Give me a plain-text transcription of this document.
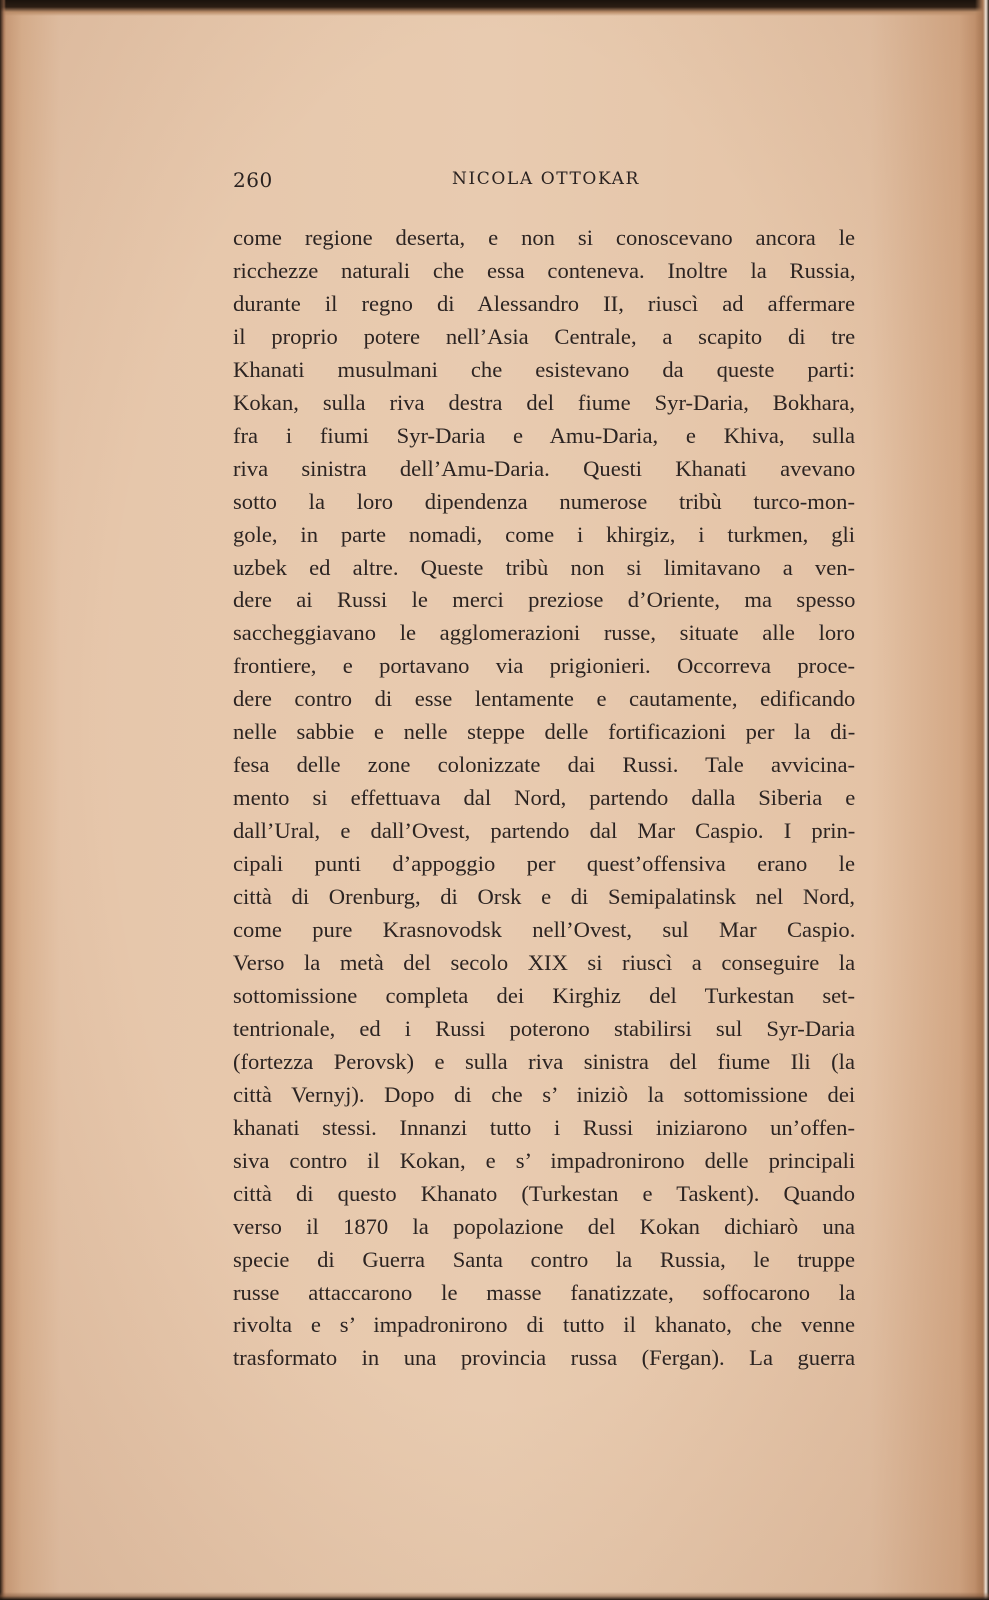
260	NICOLA OTTOKAR
come regione deserta, e non si conoscevano ancora le
ricchezze naturali che essa conteneva. Inoltre la Russia,
durante il regno di Alessandro II, riuscì ad affermare
il proprio potere nell’Asia Centrale, a scapito di tre
Khanati musulmani che esistevano da queste parti:
Kokan, sulla riva destra del fiume Syr-Daria, Bokhara,
fra i fiumi Syr-Daria e Amu-Daria, e Khiva, sulla
riva sinistra dell’Amu-Daria. Questi Khanati avevano
sotto la loro dipendenza numerose tribù turco-mon-
gole, in parte nomadi, come i khirgiz, i turkmen, gli
uzbek ed altre. Queste tribù non si limitavano a ven-
dere ai Russi le merci preziose d’Oriente, ma spesso
saccheggiavano le agglomerazioni russe, situate alle loro
frontiere, e portavano via prigionieri. Occorreva proce-
dere contro di esse lentamente e cautamente, edificando
nelle sabbie e nelle steppe delle fortificazioni per la di-
fesa delle zone colonizzate dai Russi. Tale avvicina-
mento si effettuava dal Nord, partendo dalla Siberia e
dall’Ural, e dall’Ovest, partendo dal Mar Caspio. I prin-
cipali punti d’appoggio per quest’offensiva erano le
città di Orenburg, di Orsk e di Semipalatinsk nel Nord,
come pure Krasnovodsk nell’Ovest, sul Mar Caspio.
Verso la metà del secolo XIX si riuscì a conseguire la
sottomissione completa dei Kirghiz del Turkestan set-
tentrionale, ed i Russi poterono stabilirsi sul Syr-Daria
(fortezza Perovsk) e sulla riva sinistra del fiume Ili (la
città Vernyj). Dopo di che s’ iniziò la sottomissione dei
khanati stessi. Innanzi tutto i Russi iniziarono un’offen-
siva contro il Kokan, e s’ impadronirono delle principali
città di questo Khanato (Turkestan e Taskent). Quando
verso il 1870 la popolazione del Kokan dichiarò una
specie di Guerra Santa contro la Russia, le truppe
russe attaccarono le masse fanatizzate, soffocarono la
rivolta e s’ impadronirono di tutto il khanato, che venne
trasformato in una provincia russa (Fergan). La guerra
